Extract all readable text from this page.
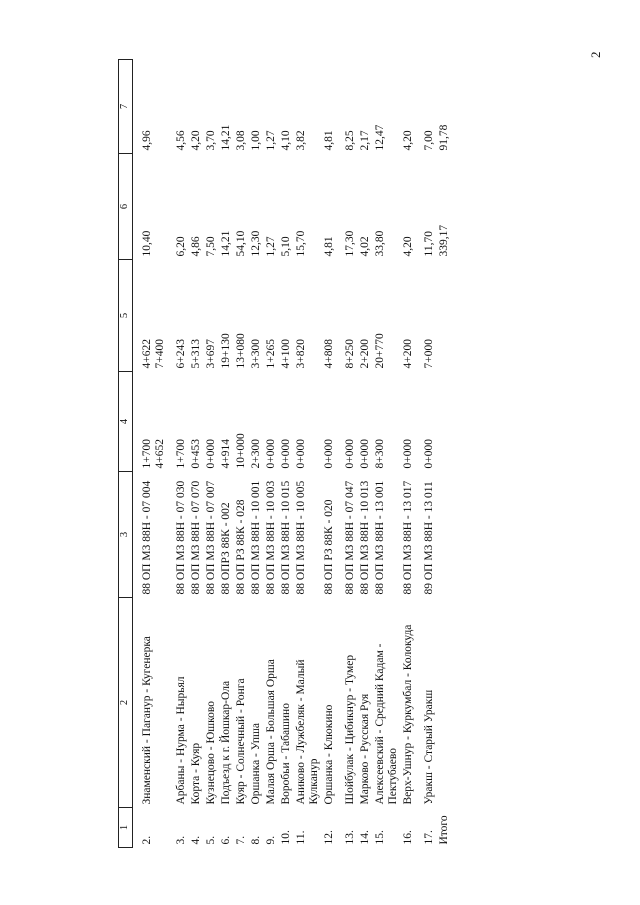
2
1	2	3	4	5	6	7

2.	Знаменский - Пагануp - Кугенерка	88 ОП МЗ 88Н - 07 004	1+700 4+652	4+622 7+400	10,40	4,96

3.	Арбаны - Нурма - Нырьял	88 ОП МЗ 88Н - 07 030	1+700	6+243	6,20	4,56

4.	Корта - Куяр	88 ОП МЗ 88Н - 07 070	0+453	5+313	4,86	4,20

5.	Кузнецово - Юшково	88 ОП МЗ 88Н - 07 007	0+000	3+697	7,50	3,70

6.	Подъезд к г. Йошкар-Ола	88 ОПРЗ 88К - 002	4+914	19+130	14,21	14,21

7.	Куяр - Солнечный - Ронга	88 ОП РЗ 88К - 028	10+000	13+080	54,10	3,08

8.	Оршанка - Упша	88 ОП МЗ 88Н - 10 001	2+300	3+300	12,30	1,00

9.	Малая Орша - Большая Орша	88 ОП МЗ 88Н - 10 003	0+000	1+265	1,27	1,27

10.	Воробьи - Табашино	88 ОП МЗ 88Н - 10 015	0+000	4+100	5,10	4,10

11.	Аниково - Лужбеляк - Малый Кулканур	88 ОП МЗ 88Н - 10 005	0+000	3+820	15,70	3,82

12.	Оршанка - Клюкино	88 ОП РЗ 88К - 020	0+000	4+808	4,81	4,81

13.	Шойбулак - Цибикнур - Тумер	88 ОП МЗ 88Н - 07 047	0+000	8+250	17,30	8,25

14.	Марково - Русская Руя	88 ОП МЗ 88Н - 10 013	0+000	2+200	4,02	2,17

15.	Алексеевский - Средний Кадам - Пектубаево	88 ОП МЗ 88Н - 13 001	8+300	20+770	33,80	12,47

16.	Верх-Ушнур - Куркумбал - Колокуда	88 ОП МЗ 88Н - 13 017	0+000	4+200	4,20	4,20

17.	Уракш - Старый Уракш	89 ОП МЗ 88Н - 13 011	0+000	7+000	11,70	7,00

Итого					339,17	91,78
